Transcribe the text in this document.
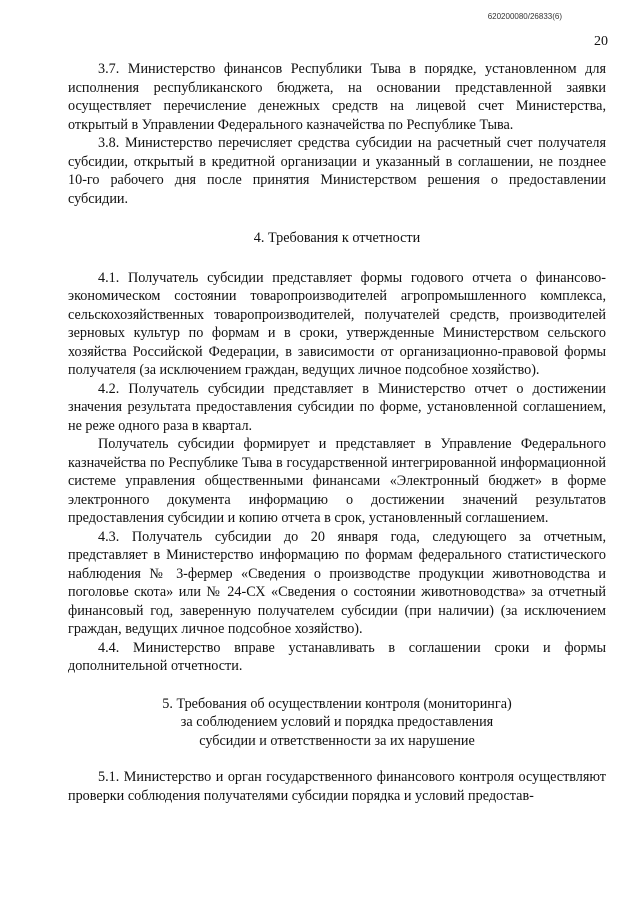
620200080/26833(6)
20

3.7. Министерство финансов Республики Тыва в порядке, установленном для исполнения республиканского бюджета, на основании представленной заявки осуществляет перечисление денежных средств на лицевой счет Министерства, открытый в Управлении Федерального казначейства по Республике Тыва.

3.8. Министерство перечисляет средства субсидии на расчетный счет получателя субсидии, открытый в кредитной организации и указанный в соглашении, не позднее 10-го рабочего дня после принятия Министерством решения о предоставлении субсидии.

4. Требования к отчетности

4.1. Получатель субсидии представляет формы годового отчета о финансово-экономическом состоянии товаропроизводителей агропромышленного комплекса, сельскохозяйственных товаропроизводителей, получателей средств, производителей зерновых культур по формам и в сроки, утвержденные Министерством сельского хозяйства Российской Федерации, в зависимости от организационно-правовой формы получателя (за исключением граждан, ведущих личное подсобное хозяйство).

4.2. Получатель субсидии представляет в Министерство отчет о достижении значения результата предоставления субсидии по форме, установленной соглашением, не реже одного раза в квартал.

Получатель субсидии формирует и представляет в Управление Федерального казначейства по Республике Тыва в государственной интегрированной информационной системе управления общественными финансами «Электронный бюджет» в форме электронного документа информацию о достижении значений результатов предоставления субсидии и копию отчета в срок, установленный соглашением.

4.3. Получатель субсидии до 20 января года, следующего за отчетным, представляет в Министерство информацию по формам федерального статистического наблюдения № 3-фермер «Сведения о производстве продукции животноводства и поголовье скота» или № 24-СХ «Сведения о состоянии животноводства» за отчетный финансовый год, заверенную получателем субсидии (при наличии) (за исключением граждан, ведущих личное подсобное хозяйство).

4.4. Министерство вправе устанавливать в соглашении сроки и формы дополнительной отчетности.

5. Требования об осуществлении контроля (мониторинга)
за соблюдением условий и порядка предоставления
субсидии и ответственности за их нарушение

5.1. Министерство и орган государственного финансового контроля осуществляют проверки соблюдения получателями субсидии порядка и условий предостав-
